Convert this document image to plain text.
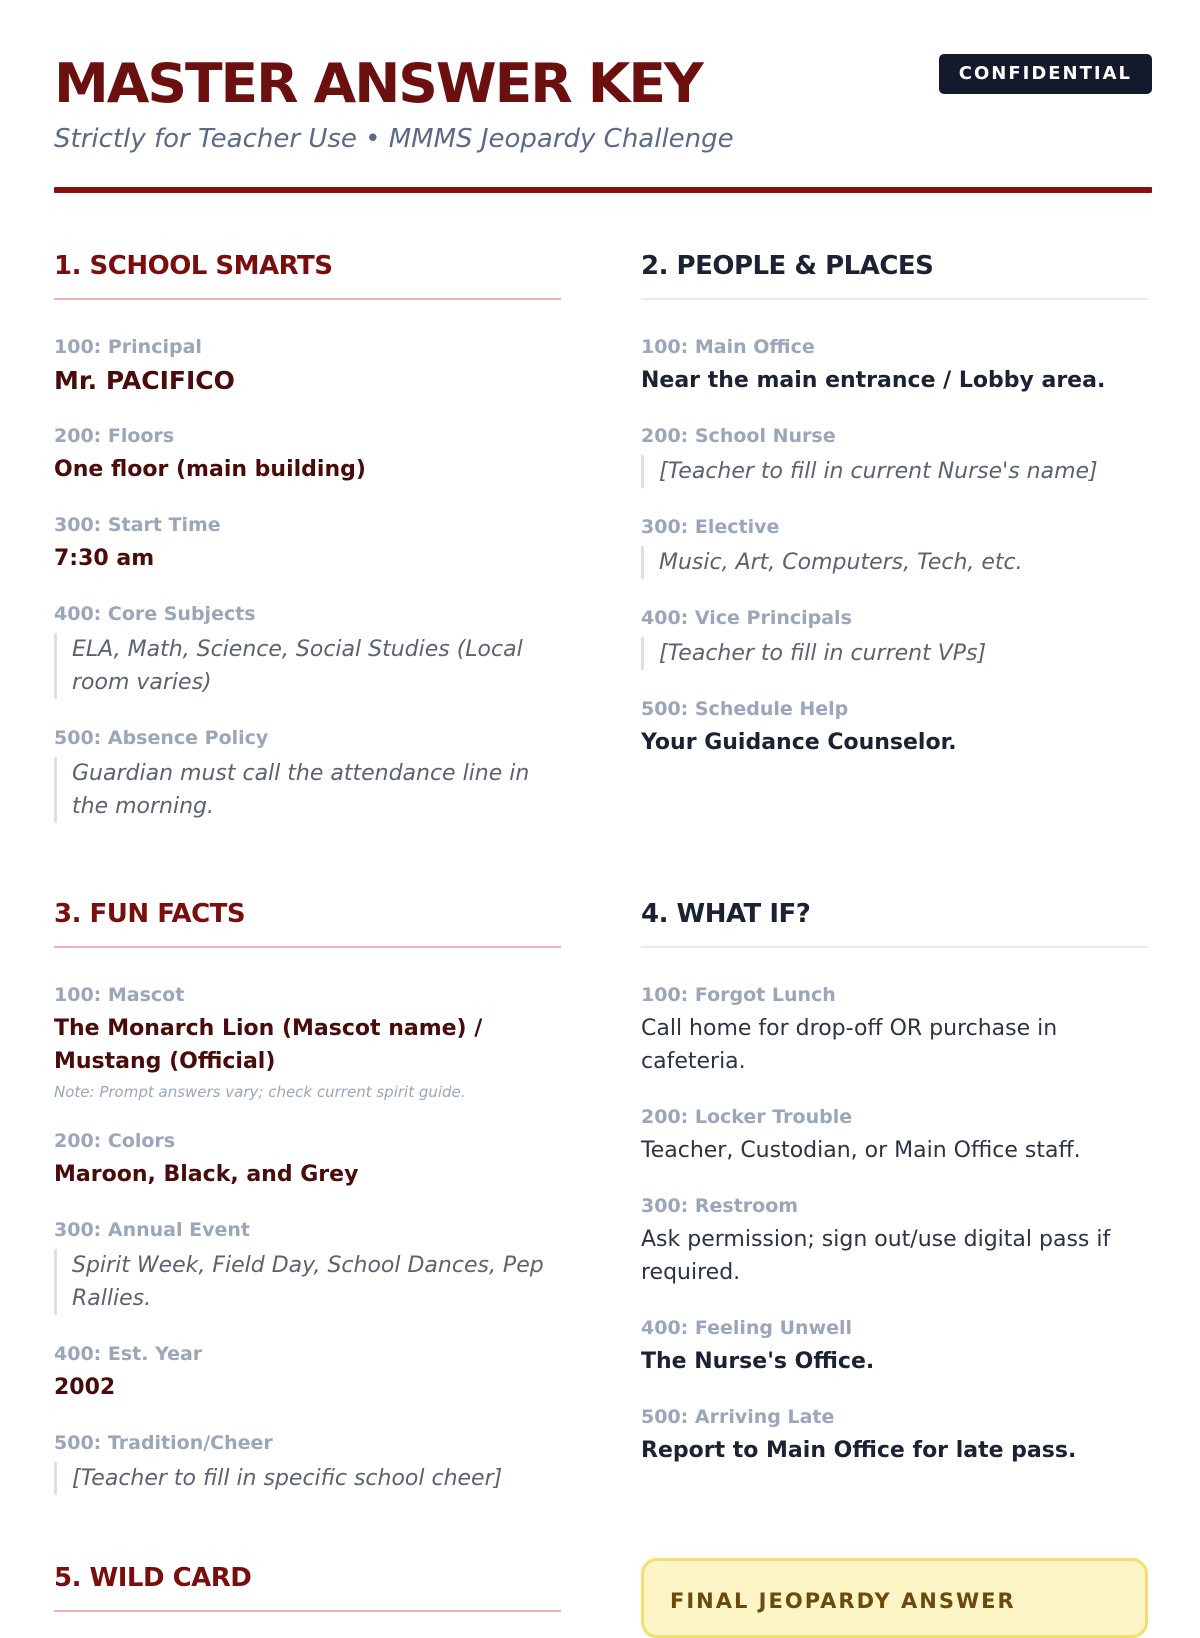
MASTER ANSWER KEY
Strictly for Teacher Use • MMMS Jeopardy Challenge
CONFIDENTIAL
1. SCHOOL SMARTS
100: Principal
Mr. PACIFICO
200: Floors
One floor (main building)
300: Start Time
7:30 am
400: Core Subjects
ELA, Math, Science, Social Studies (Local room varies)
500: Absence Policy
Guardian must call the attendance line in the morning.
2. PEOPLE & PLACES
100: Main Office
Near the main entrance / Lobby area.
200: School Nurse
[Teacher to fill in current Nurse's name]
300: Elective
Music, Art, Computers, Tech, etc.
400: Vice Principals
[Teacher to fill in current VPs]
500: Schedule Help
Your Guidance Counselor.
3. FUN FACTS
100: Mascot
The Monarch Lion (Mascot name) / Mustang (Official)
Note: Prompt answers vary; check current spirit guide.
200: Colors
Maroon, Black, and Grey
300: Annual Event
Spirit Week, Field Day, School Dances, Pep Rallies.
400: Est. Year
2002
500: Tradition/Cheer
[Teacher to fill in specific school cheer]
4. WHAT IF?
100: Forgot Lunch
Call home for drop-off OR purchase in cafeteria.
200: Locker Trouble
Teacher, Custodian, or Main Office staff.
300: Restroom
Ask permission; sign out/use digital pass if required.
400: Feeling Unwell
The Nurse's Office.
500: Arriving Late
Report to Main Office for late pass.
5. WILD CARD
FINAL JEOPARDY ANSWER
